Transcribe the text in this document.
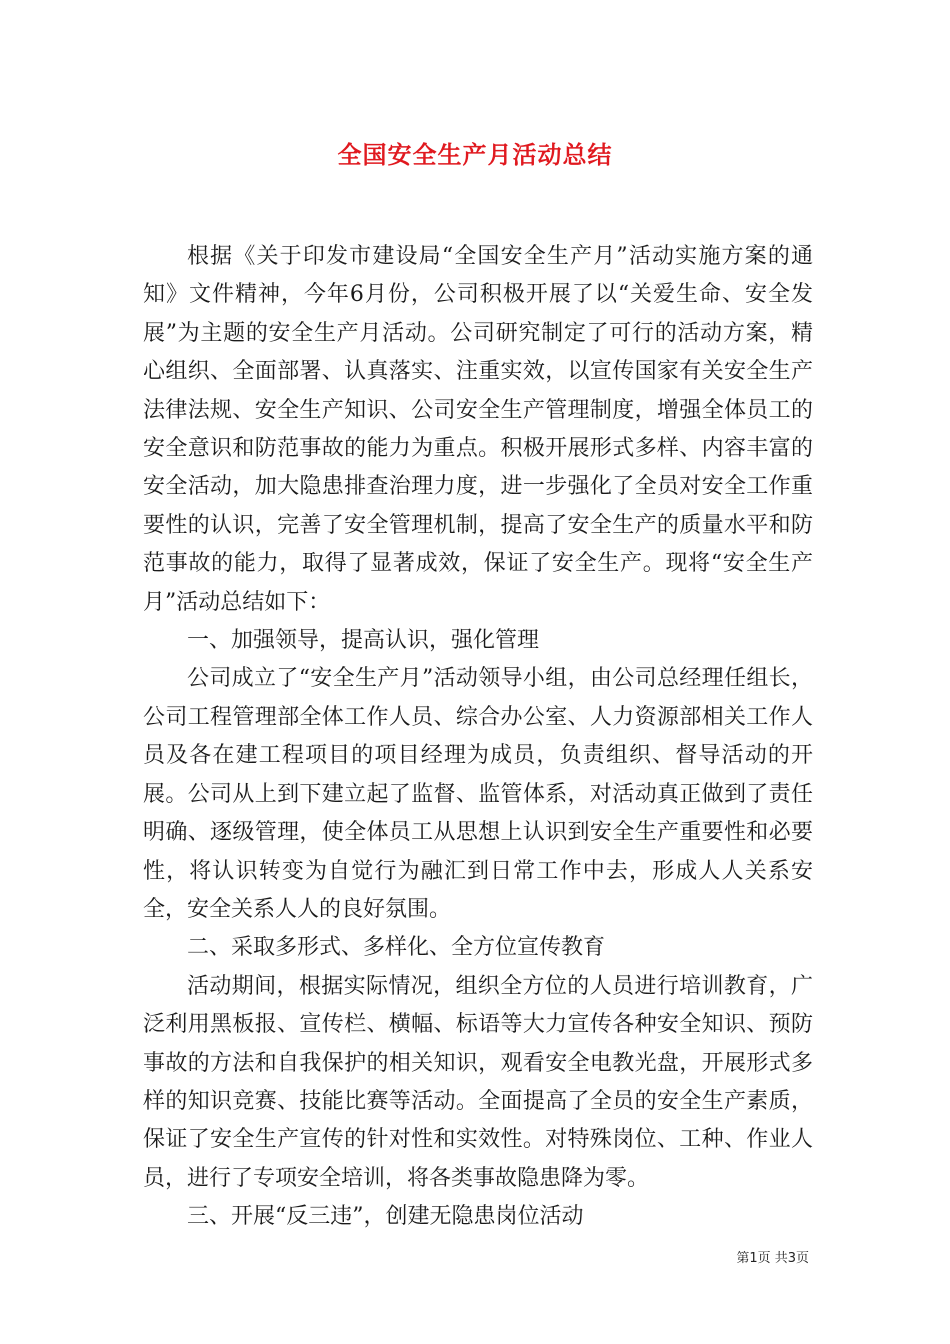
全国安全生产月活动总结

根据《关于印发市建设局“全国安全生产月”活动实施方案的通知》文件精神，今年6月份，公司积极开展了以“关爱生命、安全发展”为主题的安全生产月活动。公司研究制定了可行的活动方案，精心组织、全面部署、认真落实、注重实效，以宣传国家有关安全生产法律法规、安全生产知识、公司安全生产管理制度，增强全体员工的安全意识和防范事故的能力为重点。积极开展形式多样、内容丰富的安全活动，加大隐患排查治理力度，进一步强化了全员对安全工作重要性的认识，完善了安全管理机制，提高了安全生产的质量水平和防范事故的能力，取得了显著成效，保证了安全生产。现将“安全生产月”活动总结如下：

一、加强领导，提高认识，强化管理

公司成立了“安全生产月”活动领导小组，由公司总经理任组长，公司工程管理部全体工作人员、综合办公室、人力资源部相关工作人员及各在建工程项目的项目经理为成员，负责组织、督导活动的开展。公司从上到下建立起了监督、监管体系，对活动真正做到了责任明确、逐级管理，使全体员工从思想上认识到安全生产重要性和必要性，将认识转变为自觉行为融汇到日常工作中去，形成人人关系安全，安全关系人人的良好氛围。

二、采取多形式、多样化、全方位宣传教育

活动期间，根据实际情况，组织全方位的人员进行培训教育，广泛利用黑板报、宣传栏、横幅、标语等大力宣传各种安全知识、预防事故的方法和自我保护的相关知识，观看安全电教光盘，开展形式多样的知识竞赛、技能比赛等活动。全面提高了全员的安全生产素质，保证了安全生产宣传的针对性和实效性。对特殊岗位、工种、作业人员，进行了专项安全培训，将各类事故隐患降为零。

三、开展“反三违”，创建无隐患岗位活动

第1页 共3页
